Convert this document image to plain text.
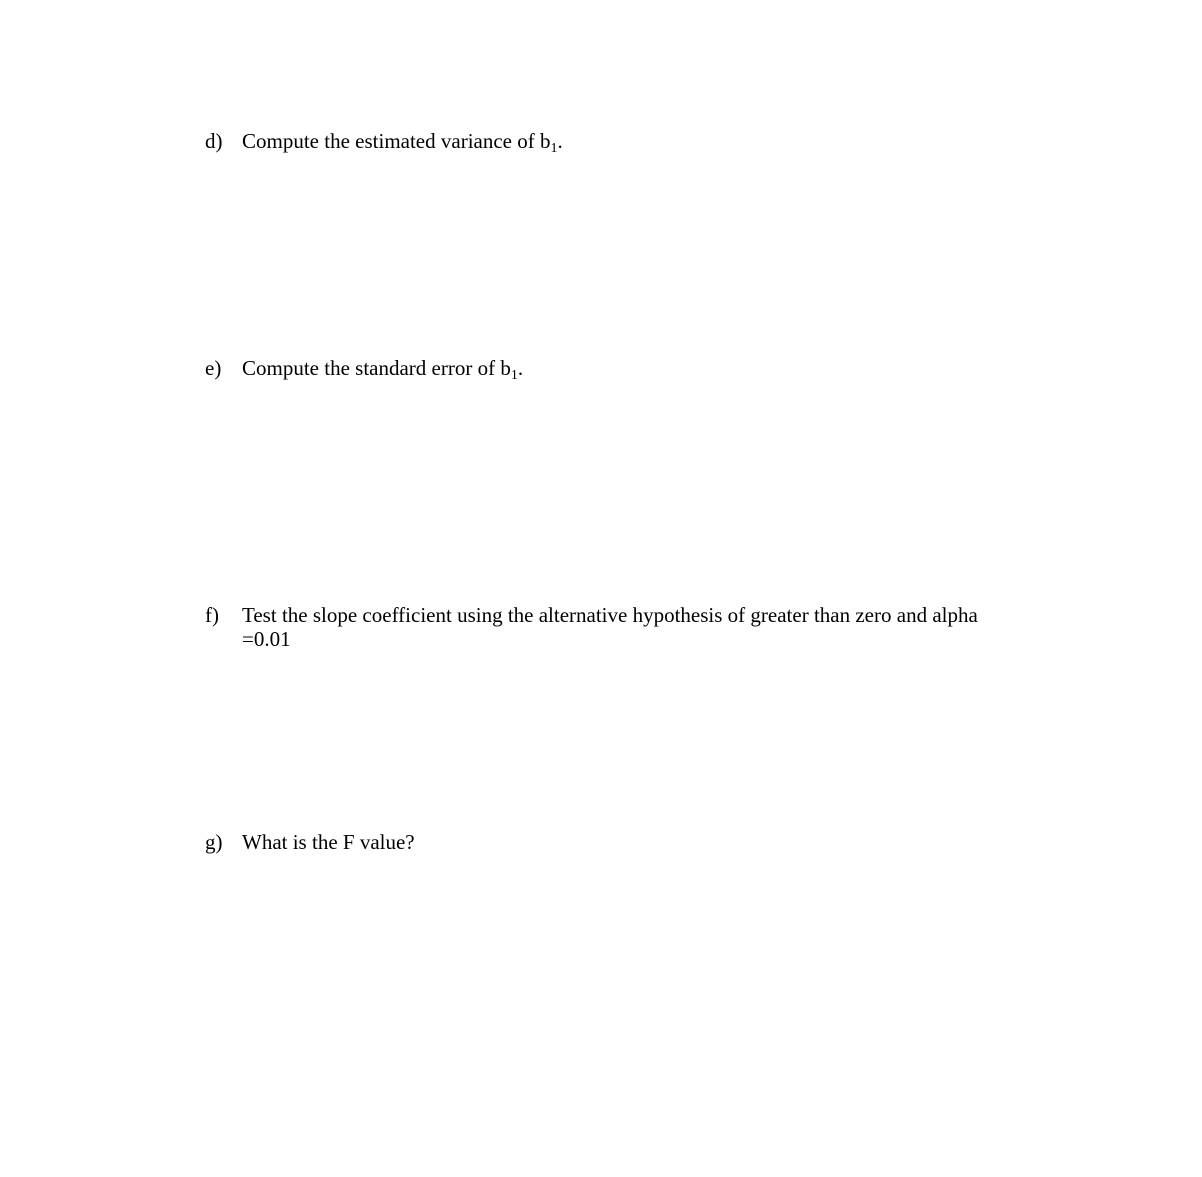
d) Compute the estimated variance of b1.
e) Compute the standard error of b1.
f)	Test the slope coefficient using the alternative hypothesis of greater than zero and alpha
=0.01
g) What is the F value?
